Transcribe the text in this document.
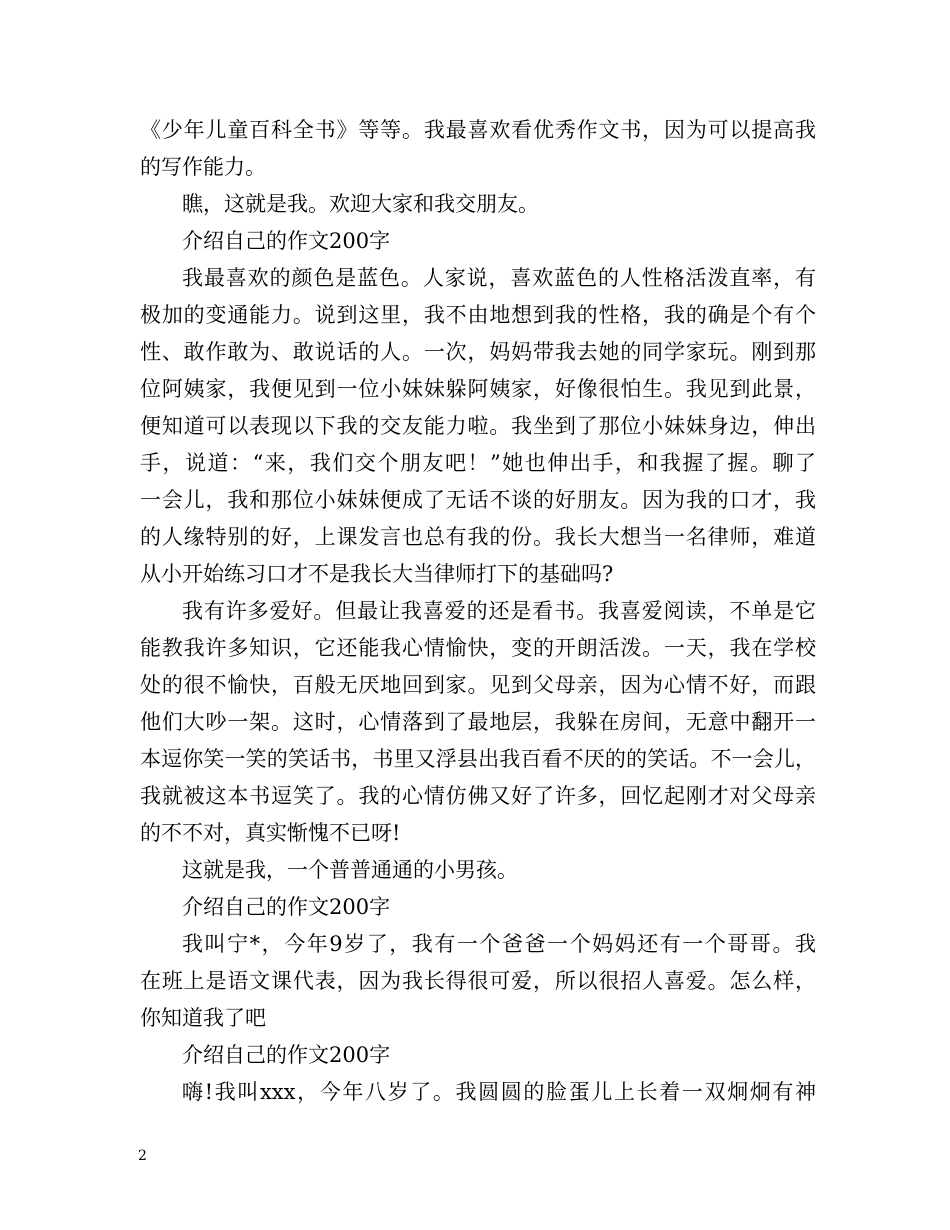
《少年儿童百科全书》等等。我最喜欢看优秀作文书，因为可以提高我
的写作能力。
瞧，这就是我。欢迎大家和我交朋友。
介绍自己的作文200字
我最喜欢的颜色是蓝色。人家说，喜欢蓝色的人性格活泼直率，有
极加的变通能力。说到这里，我不由地想到我的性格，我的确是个有个
性、敢作敢为、敢说话的人。一次，妈妈带我去她的同学家玩。刚到那
位阿姨家，我便见到一位小妹妹躲阿姨家，好像很怕生。我见到此景，
便知道可以表现以下我的交友能力啦。我坐到了那位小妹妹身边，伸出
手，说道：“来，我们交个朋友吧！”她也伸出手，和我握了握。聊了
一会儿，我和那位小妹妹便成了无话不谈的好朋友。因为我的口才，我
的人缘特别的好，上课发言也总有我的份。我长大想当一名律师，难道
从小开始练习口才不是我长大当律师打下的基础吗?
我有许多爱好。但最让我喜爱的还是看书。我喜爱阅读，不单是它
能教我许多知识，它还能我心情愉快，变的开朗活泼。一天，我在学校
处的很不愉快，百般无厌地回到家。见到父母亲，因为心情不好，而跟
他们大吵一架。这时，心情落到了最地层，我躲在房间，无意中翻开一
本逗你笑一笑的笑话书，书里又浮县出我百看不厌的的笑话。不一会儿，
我就被这本书逗笑了。我的心情仿佛又好了许多，回忆起刚才对父母亲
的不不对，真实惭愧不已呀!
这就是我，一个普普通通的小男孩。
介绍自己的作文200字
我叫宁*，今年9岁了，我有一个爸爸一个妈妈还有一个哥哥。我
在班上是语文课代表，因为我长得很可爱，所以很招人喜爱。怎么样，
你知道我了吧
介绍自己的作文200字
嗨!我叫xxx，今年八岁了。我圆圆的脸蛋儿上长着一双炯炯有神
2
